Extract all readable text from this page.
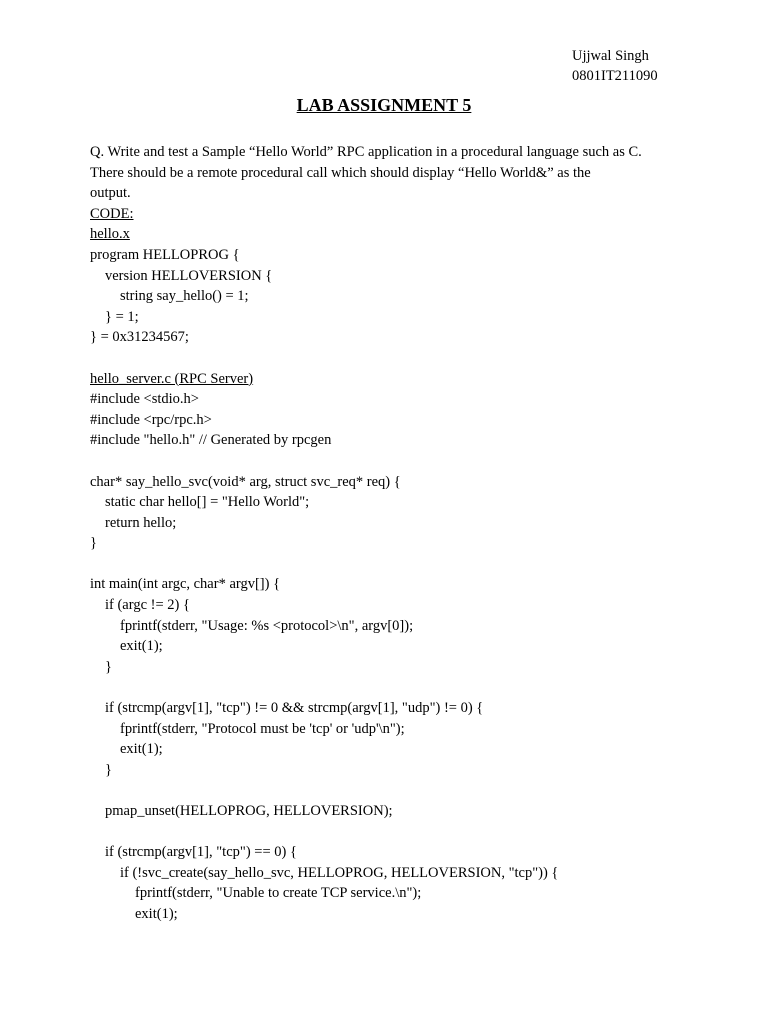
Ujjwal Singh
0801IT211090
LAB ASSIGNMENT 5
Q. Write and test a Sample “Hello World” RPC application in a procedural language such as C.
There should be a remote procedural call which should display “Hello World&” as the
output.
CODE:
hello.x
program HELLOPROG {
version HELLOVERSION {
string say_hello() = 1;
} = 1;
} = 0x31234567;
hello_server.c (RPC Server)
#include <stdio.h>
#include <rpc/rpc.h>
#include "hello.h" // Generated by rpcgen
char* say_hello_svc(void* arg, struct svc_req* req) {
static char hello[] = "Hello World";
return hello;
}
int main(int argc, char* argv[]) {
if (argc != 2) {
fprintf(stderr, "Usage: %s <protocol>\n", argv[0]);
exit(1);
}
if (strcmp(argv[1], "tcp") != 0 && strcmp(argv[1], "udp") != 0) {
fprintf(stderr, "Protocol must be 'tcp' or 'udp'\n");
exit(1);
}
pmap_unset(HELLOPROG, HELLOVERSION);
if (strcmp(argv[1], "tcp") == 0) {
if (!svc_create(say_hello_svc, HELLOPROG, HELLOVERSION, "tcp")) {
fprintf(stderr, "Unable to create TCP service.\n");
exit(1);
